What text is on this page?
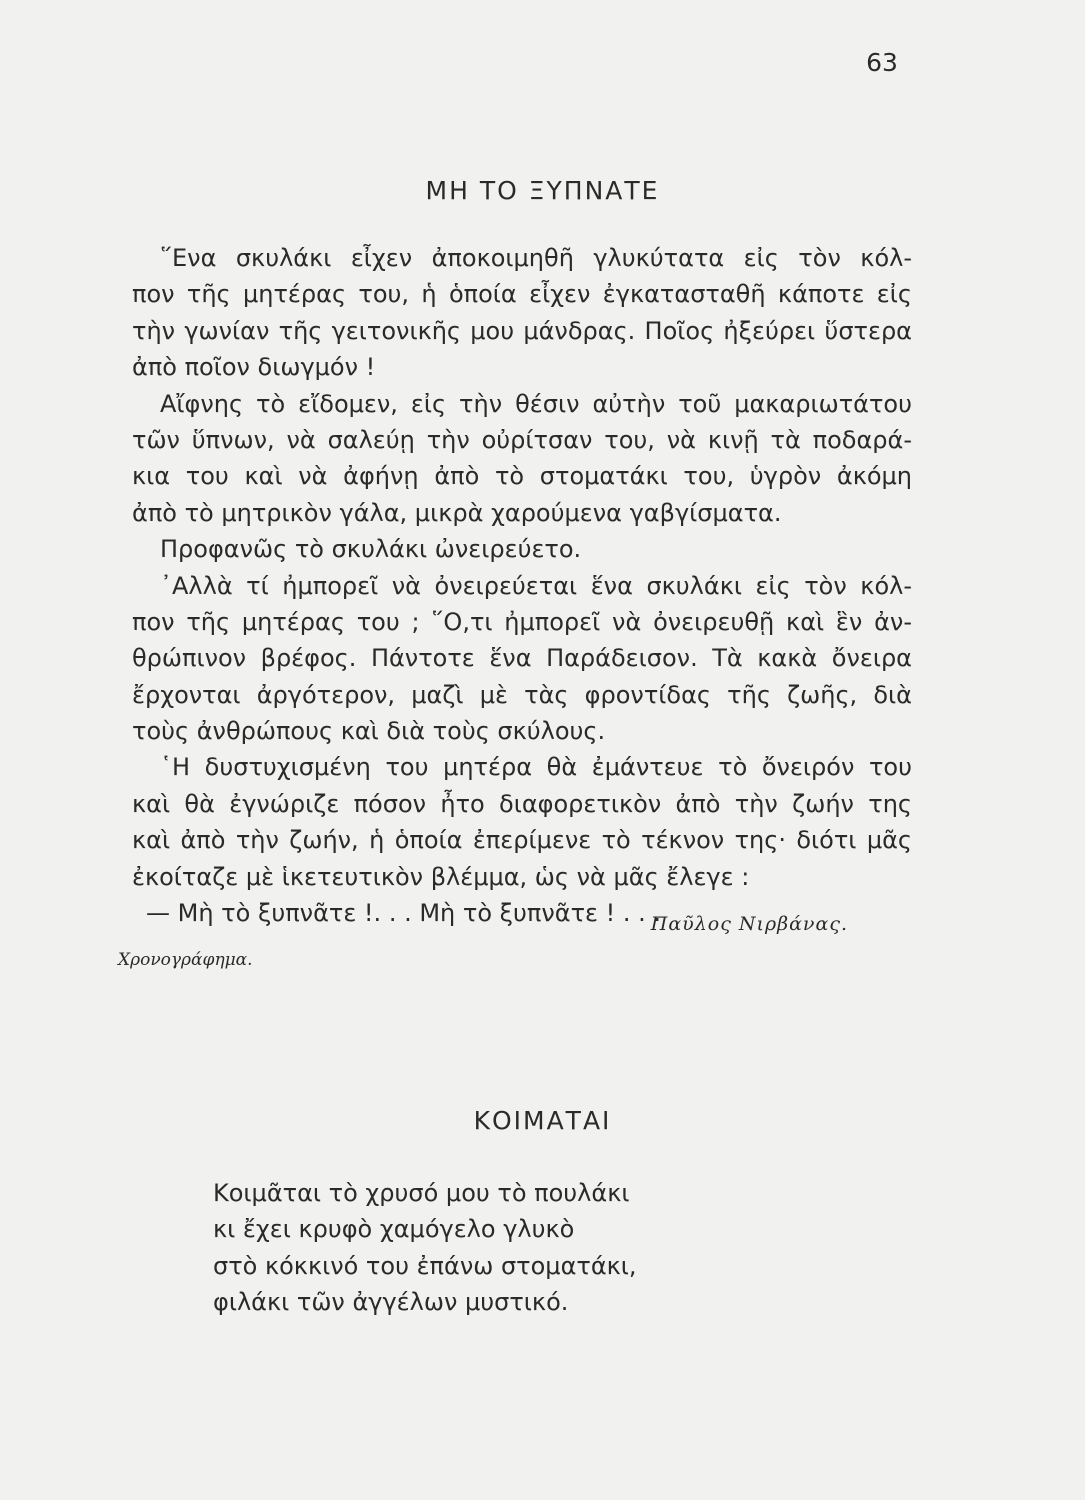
63
ΜΗ ΤΟ ΞΥΠΝΑΤΕ
῞Ενα σκυλάκι εἶχεν ἀποκοιμηθῆ γλυκύτατα εἰς τὸν κόλ-
πον τῆς μητέρας του, ἡ ὁποία εἶχεν ἐγκατασταθῆ κάποτε εἰς
τὴν γωνίαν τῆς γειτονικῆς μου μάνδρας. Ποῖος ἠξεύρει ὕστερα
ἀπὸ ποῖον διωγμόν !
Αἴφνης τὸ εἴδομεν, εἰς τὴν θέσιν αὐτὴν τοῦ μακαριωτάτου
τῶν ὕπνων, νὰ σαλεύῃ τὴν οὐρίτσαν του, νὰ κινῇ τὰ ποδαρά-
κια του καὶ νὰ ἀφήνῃ ἀπὸ τὸ στοματάκι του, ὑγρὸν ἀκόμη
ἀπὸ τὸ μητρικὸν γάλα, μικρὰ χαρούμενα γαβγίσματα.
Προφανῶς τὸ σκυλάκι ὠνειρεύετο.
᾿Αλλὰ τί ἠμπορεῖ νὰ ὀνειρεύεται ἕνα σκυλάκι εἰς τὸν κόλ-
πον τῆς μητέρας του ; ῞Ο,τι ἠμπορεῖ νὰ ὀνειρευθῇ καὶ ἓν ἀν-
θρώπινον βρέφος. Πάντοτε ἕνα Παράδεισον. Τὰ κακὰ ὄνειρα
ἔρχονται ἀργότερον, μαζὶ μὲ τὰς φροντίδας τῆς ζωῆς, διὰ
τοὺς ἀνθρώπους καὶ διὰ τοὺς σκύλους.
῾Η δυστυχισμένη του μητέρα θὰ ἐμάντευε τὸ ὄνειρόν του
καὶ θὰ ἐγνώριζε πόσον ἦτο διαφορετικὸν ἀπὸ τὴν ζωήν της
καὶ ἀπὸ τὴν ζωήν, ἡ ὁποία ἐπερίμενε τὸ τέκνον της· διότι μᾶς
ἐκοίταζε μὲ ἱκετευτικὸν βλέμμα, ὡς νὰ μᾶς ἔλεγε :
— Μὴ τὸ ξυπνᾶτε !. . . Μὴ τὸ ξυπνᾶτε ! . . .
Παῦλος Νιρβάνας.
Χρονογράφημα.
ΚΟΙΜΑΤΑΙ
Κοιμᾶται τὸ χρυσό μου τὸ πουλάκι
κι ἔχει κρυφὸ χαμόγελο γλυκὸ
στὸ κόκκινό του ἐπάνω στοματάκι,
φιλάκι τῶν ἀγγέλων μυστικό.
